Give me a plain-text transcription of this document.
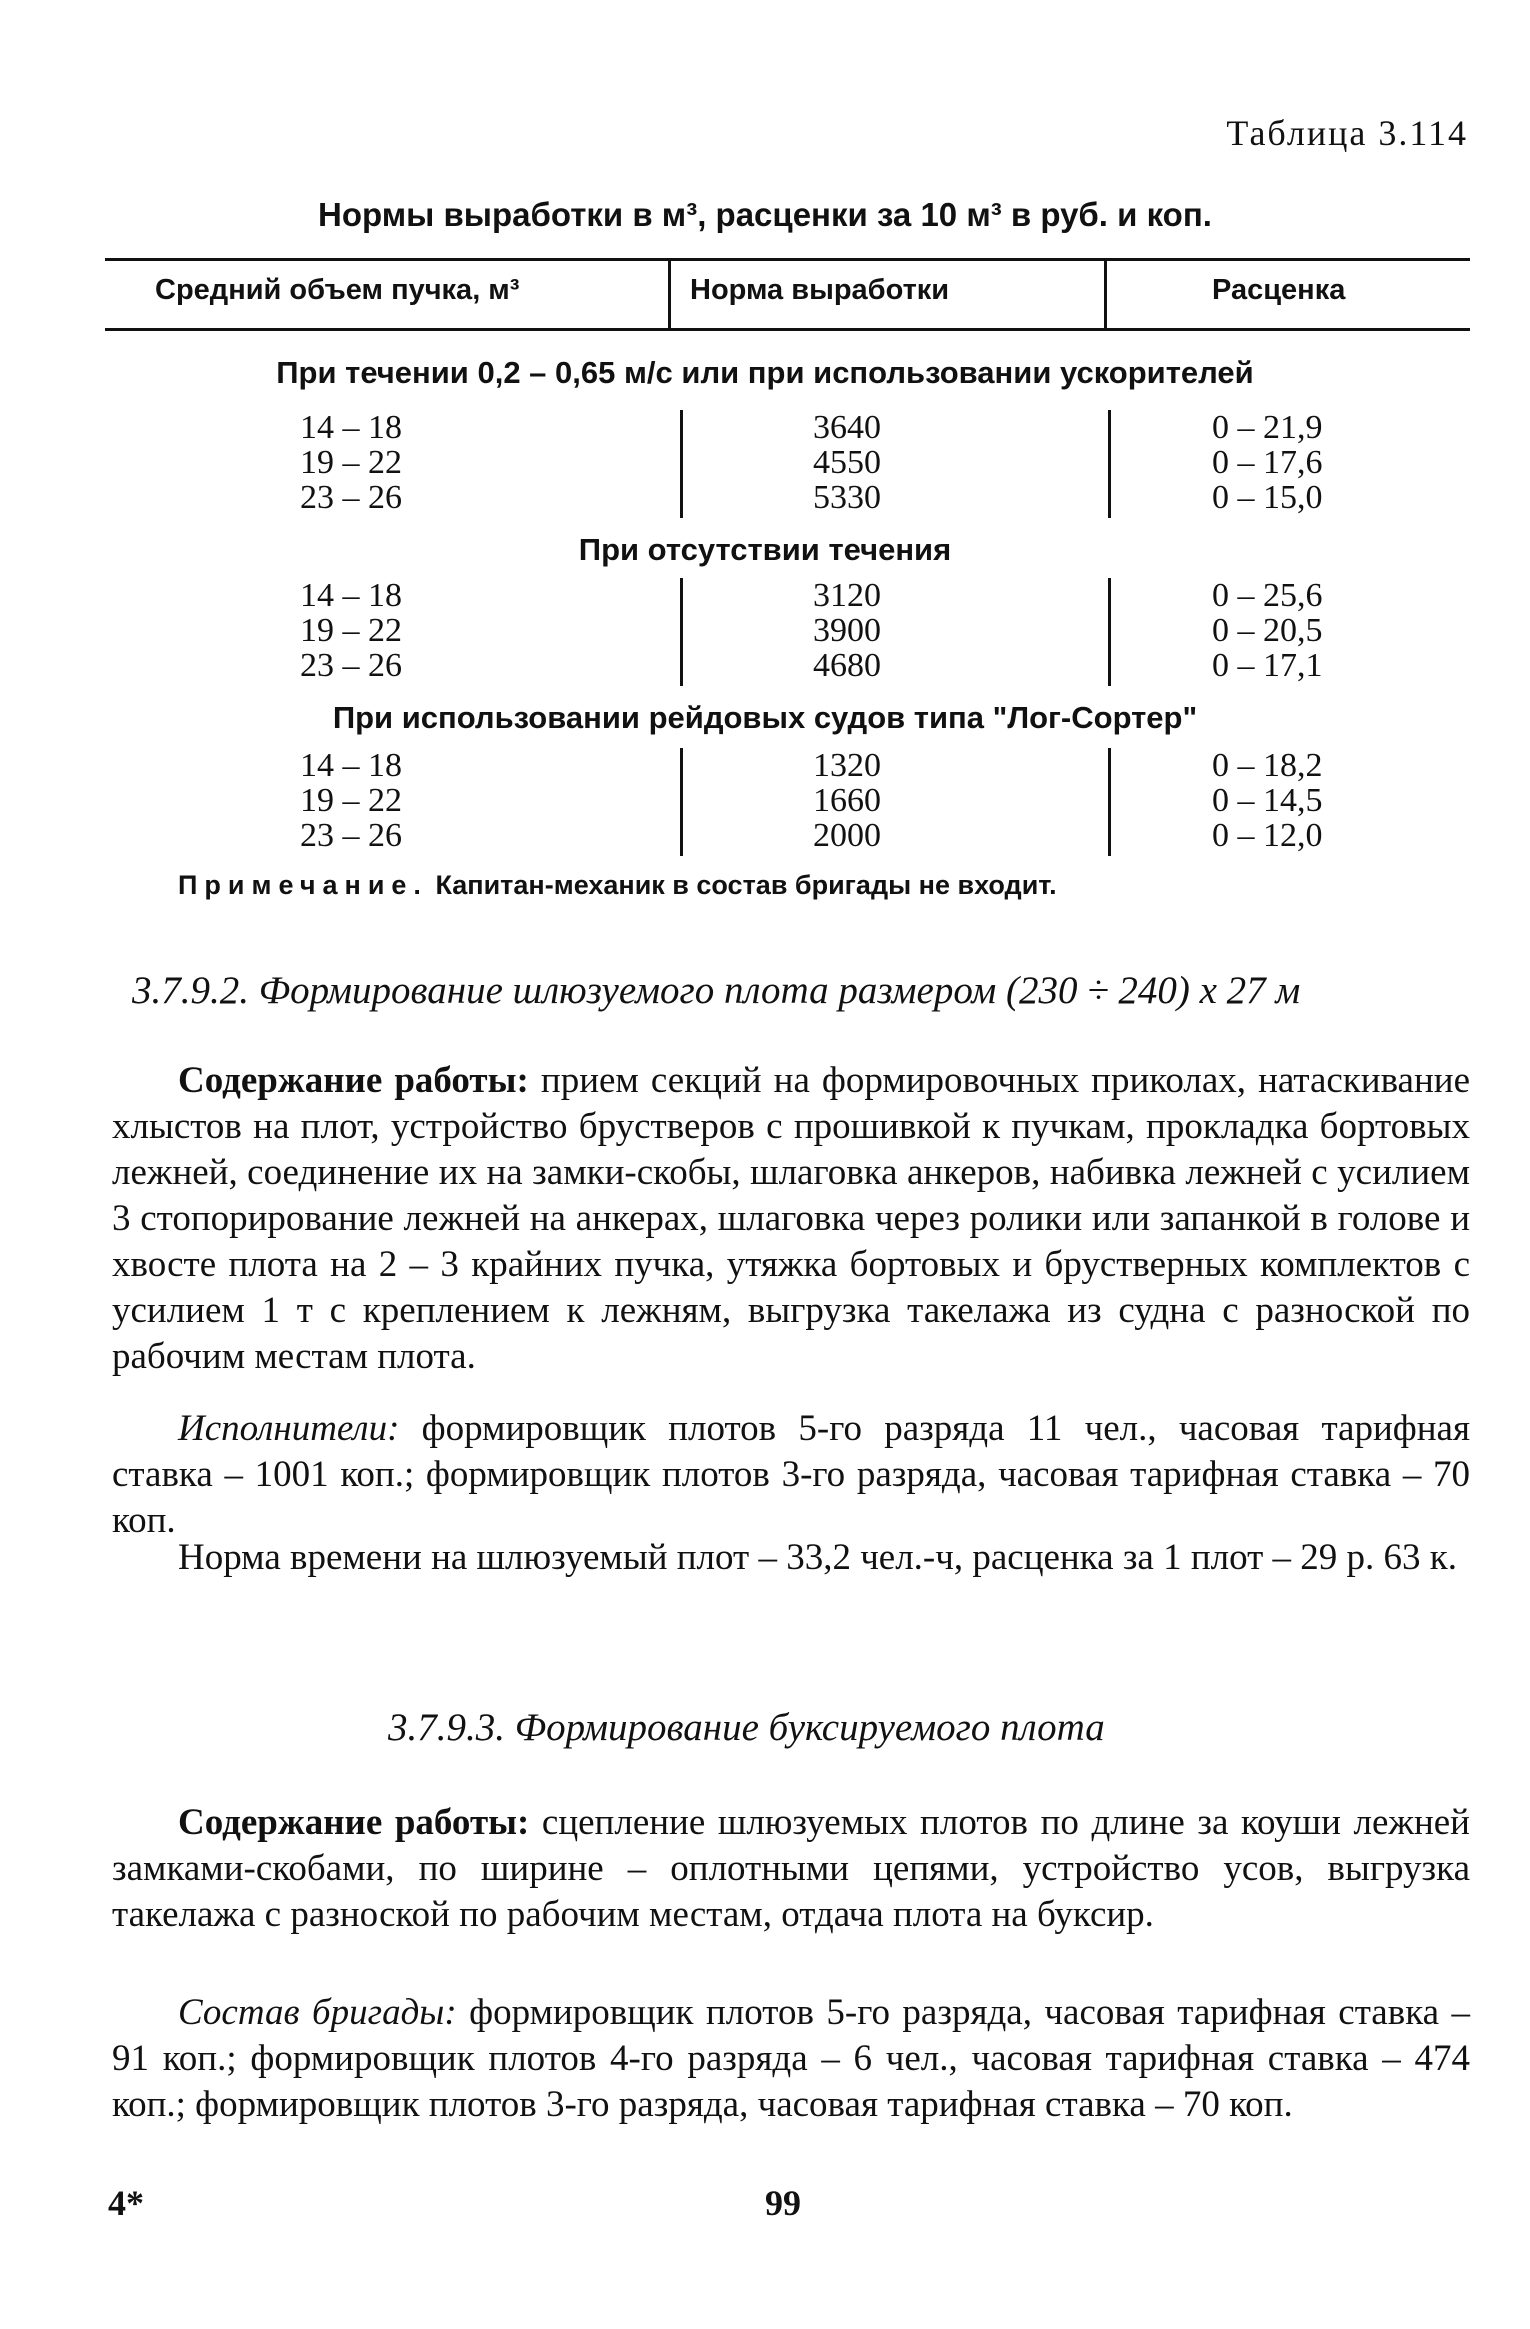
Таблица 3.114
Нормы выработки в м³, расценки за 10 м³ в руб. и коп.
Средний объем пучка, м³	Норма выработки	Расценка
При течении 0,2 – 0,65 м/с или при использовании ускорителей
14 – 18	3640	0 – 21,9
19 – 22	4550	0 – 17,6
23 – 26	5330	0 – 15,0
При отсутствии течения
14 – 18	3120	0 – 25,6
19 – 22	3900	0 – 20,5
23 – 26	4680	0 – 17,1
При использовании рейдовых судов типа "Лог-Сортер"
14 – 18	1320	0 – 18,2
19 – 22	1660	0 – 14,5
23 – 26	2000	0 – 12,0
Примечание. Капитан-механик в состав бригады не входит.
3.7.9.2. Формирование шлюзуемого плота размером (230 ÷ 240) x 27 м

Содержание работы: прием секций на формировочных приколах, натаскивание хлыстов на плот, устройство брустверов с прошивкой к пучкам, прокладка бортовых лежней, соединение их на замки-скобы, шлаговка анкеров, набивка лежней с усилием 3 стопорирование лежней на анкерах, шлаговка через ролики или запанкой в голове и хвосте плота на 2 – 3 крайних пучка, утяжка бортовых и брустверных комплектов с усилием 1 т с креплением к лежням, выгрузка такелажа из судна с разноской по рабочим местам плота.

Исполнители: формировщик плотов 5-го разряда 11 чел., часовая тарифная ставка – 1001 коп.; формировщик плотов 3-го разряда, часовая тарифная ставка – 70 коп.

Норма времени на шлюзуемый плот – 33,2 чел.-ч, расценка за 1 плот – 29 р. 63 к.

3.7.9.3. Формирование буксируемого плота

Содержание работы: сцепление шлюзуемых плотов по длине за коуши лежней замками-скобами, по ширине – оплотными цепями, устройство усов, выгрузка такелажа с разноской по рабочим местам, отдача плота на буксир.

Состав бригады: формировщик плотов 5-го разряда, часовая тарифная ставка – 91 коп.; формировщик плотов 4-го разряда – 6 чел., часовая тарифная ставка – 474 коп.; формировщик плотов 3-го разряда, часовая тарифная ставка – 70 коп.

4*	99
